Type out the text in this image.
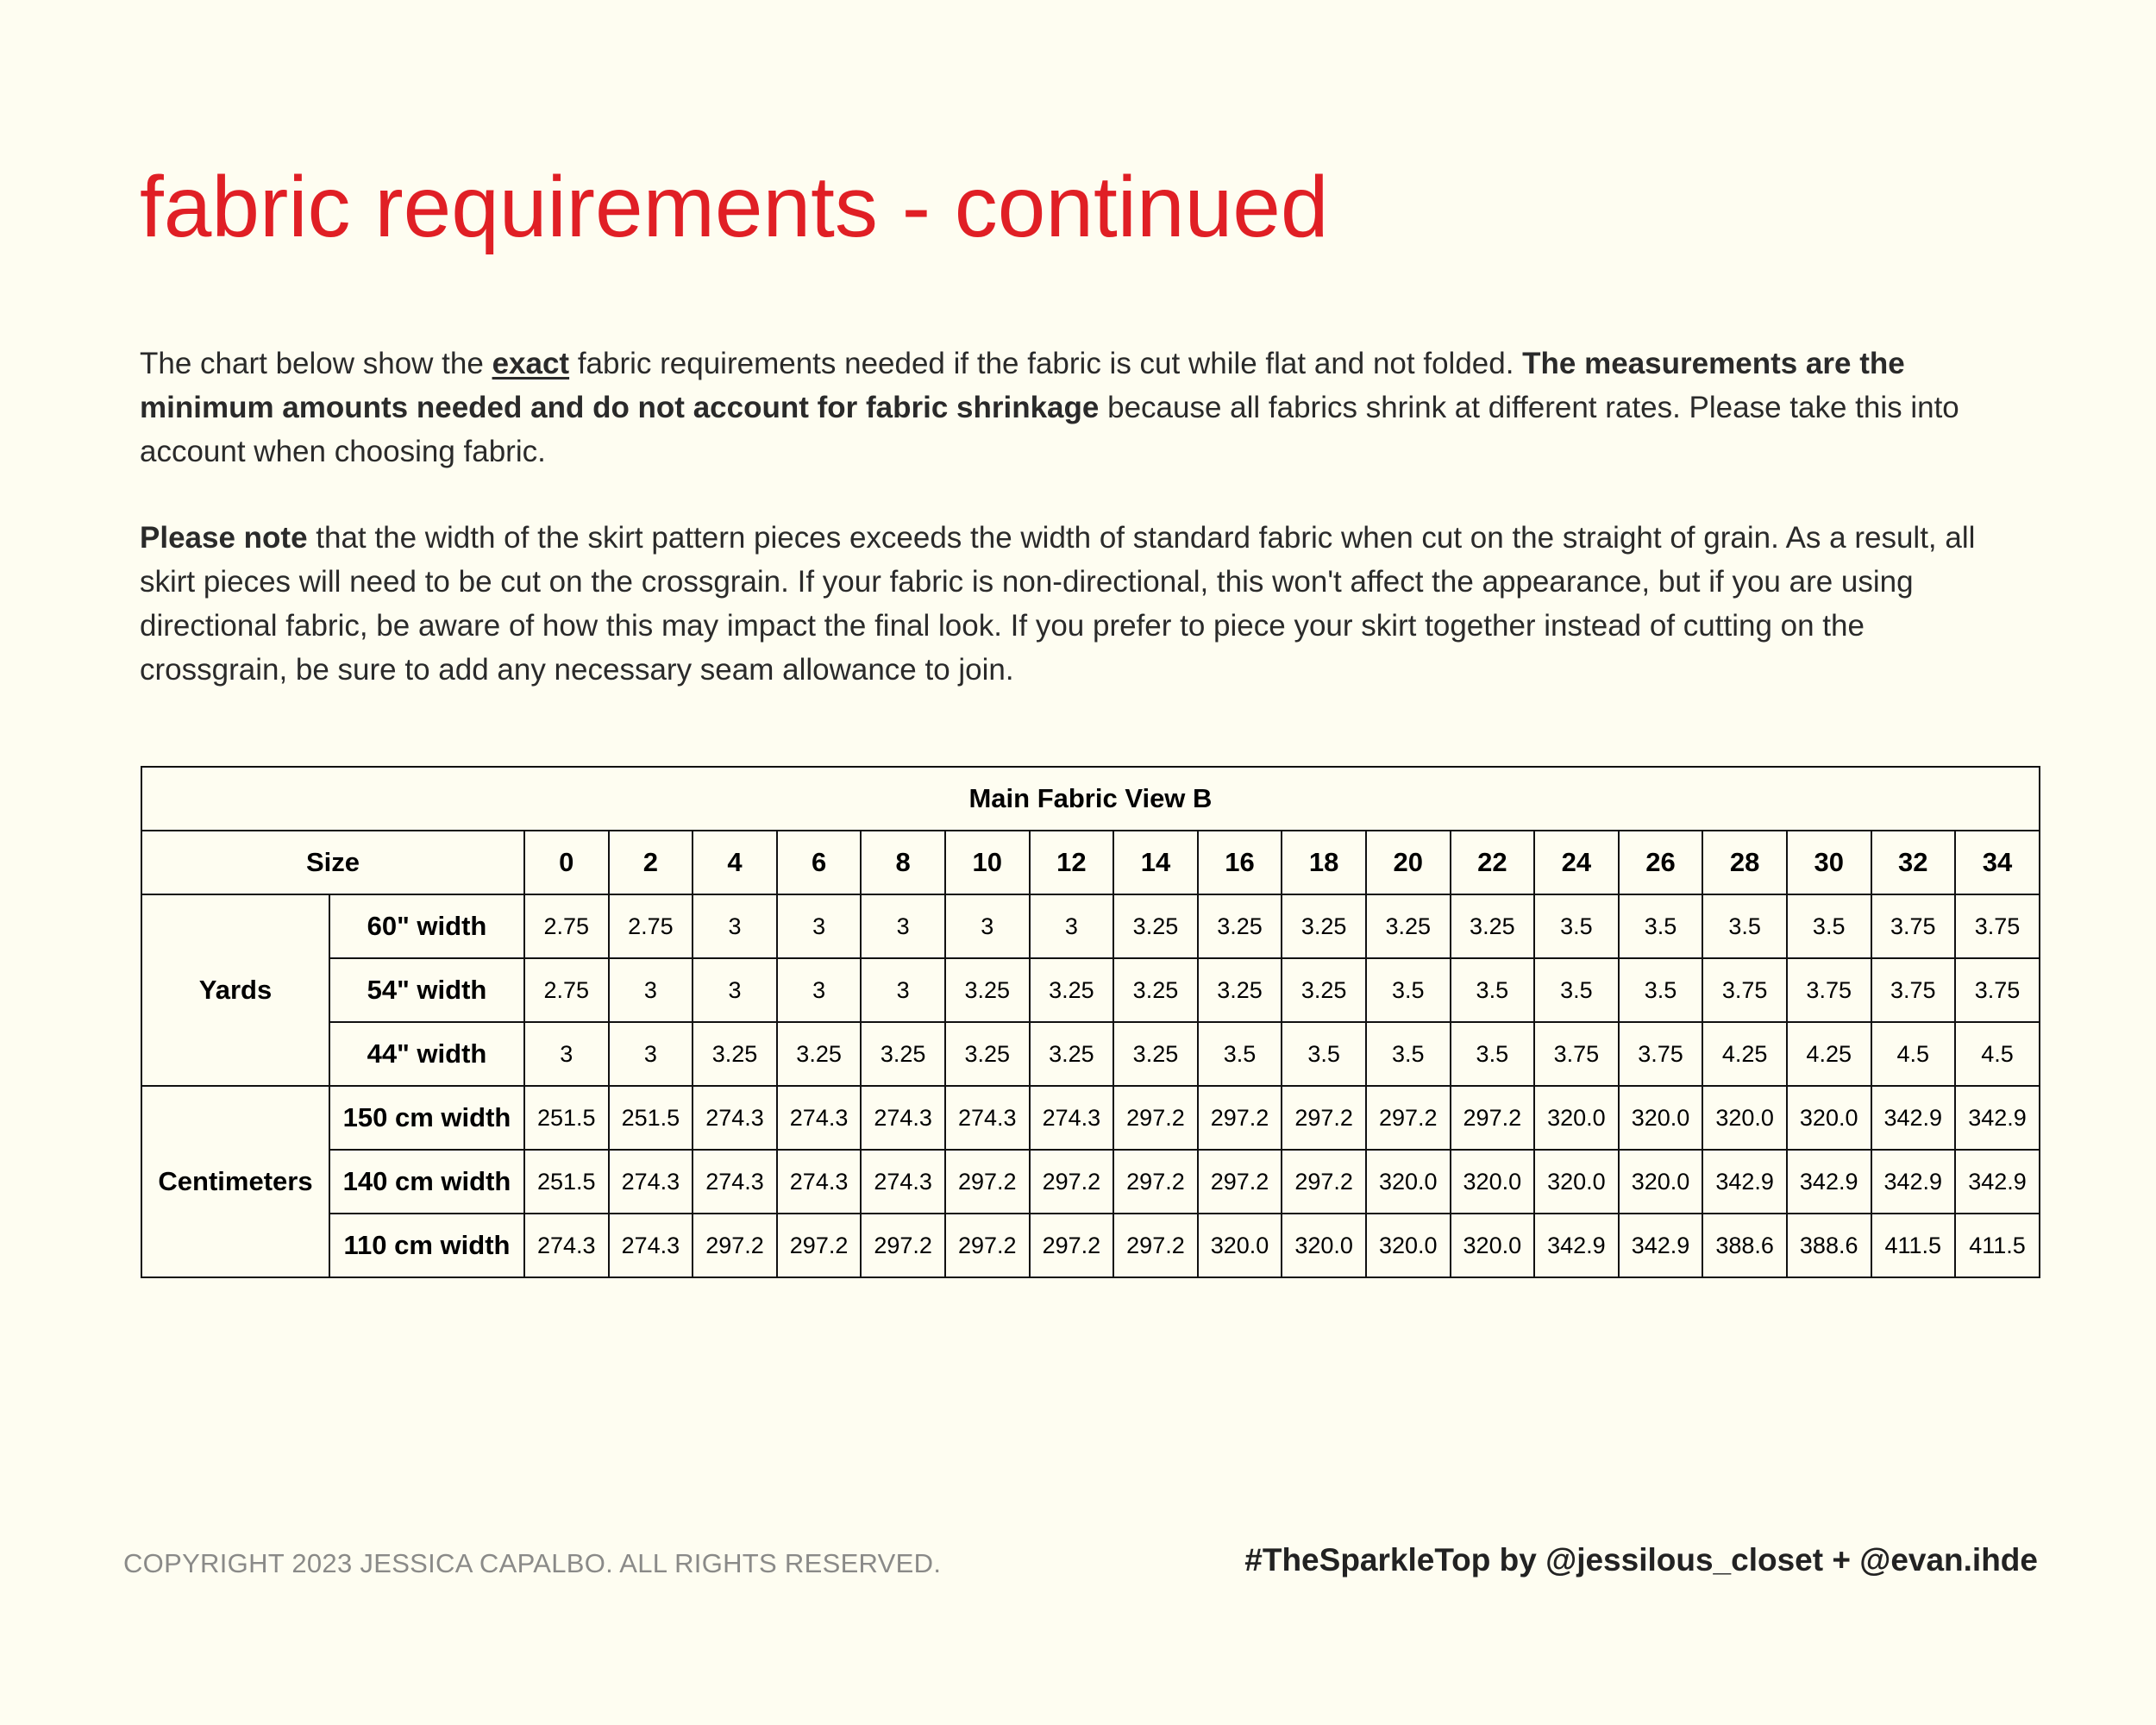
fabric requirements - continued

The chart below show the exact fabric requirements needed if the fabric is cut while flat and not folded. The measurements are the minimum amounts needed and do not account for fabric shrinkage because all fabrics shrink at different rates. Please take this into account when choosing fabric.

Please note that the width of the skirt pattern pieces exceeds the width of standard fabric when cut on the straight of grain. As a result, all skirt pieces will need to be cut on the crossgrain. If your fabric is non-directional, this won't affect the appearance, but if you are using directional fabric, be aware of how this may impact the final look. If you prefer to piece your skirt together instead of cutting on the crossgrain, be sure to add any necessary seam allowance to join.

Main Fabric View B																			
Size		0	2	4	6	8	10	12	14	16	18	20	22	24	26	28	30	32	34
Yards	60" width	2.75	2.75	3	3	3	3	3	3.25	3.25	3.25	3.25	3.25	3.5	3.5	3.5	3.5	3.75	3.75
	54" width	2.75	3	3	3	3	3.25	3.25	3.25	3.25	3.25	3.5	3.5	3.5	3.5	3.75	3.75	3.75	3.75
	44" width	3	3	3.25	3.25	3.25	3.25	3.25	3.25	3.5	3.5	3.5	3.5	3.75	3.75	4.25	4.25	4.5	4.5
Centimeters	150 cm width	251.5	251.5	274.3	274.3	274.3	274.3	274.3	297.2	297.2	297.2	297.2	297.2	320.0	320.0	320.0	320.0	342.9	342.9
	140 cm width	251.5	274.3	274.3	274.3	274.3	297.2	297.2	297.2	297.2	297.2	320.0	320.0	320.0	320.0	342.9	342.9	342.9	342.9
	110 cm width	274.3	274.3	297.2	297.2	297.2	297.2	297.2	297.2	320.0	320.0	320.0	320.0	342.9	342.9	388.6	388.6	411.5	411.5
COPYRIGHT 2023 JESSICA CAPALBO. ALL RIGHTS RESERVED.	#TheSparkleTop by @jessilous_closet + @evan.ihde
